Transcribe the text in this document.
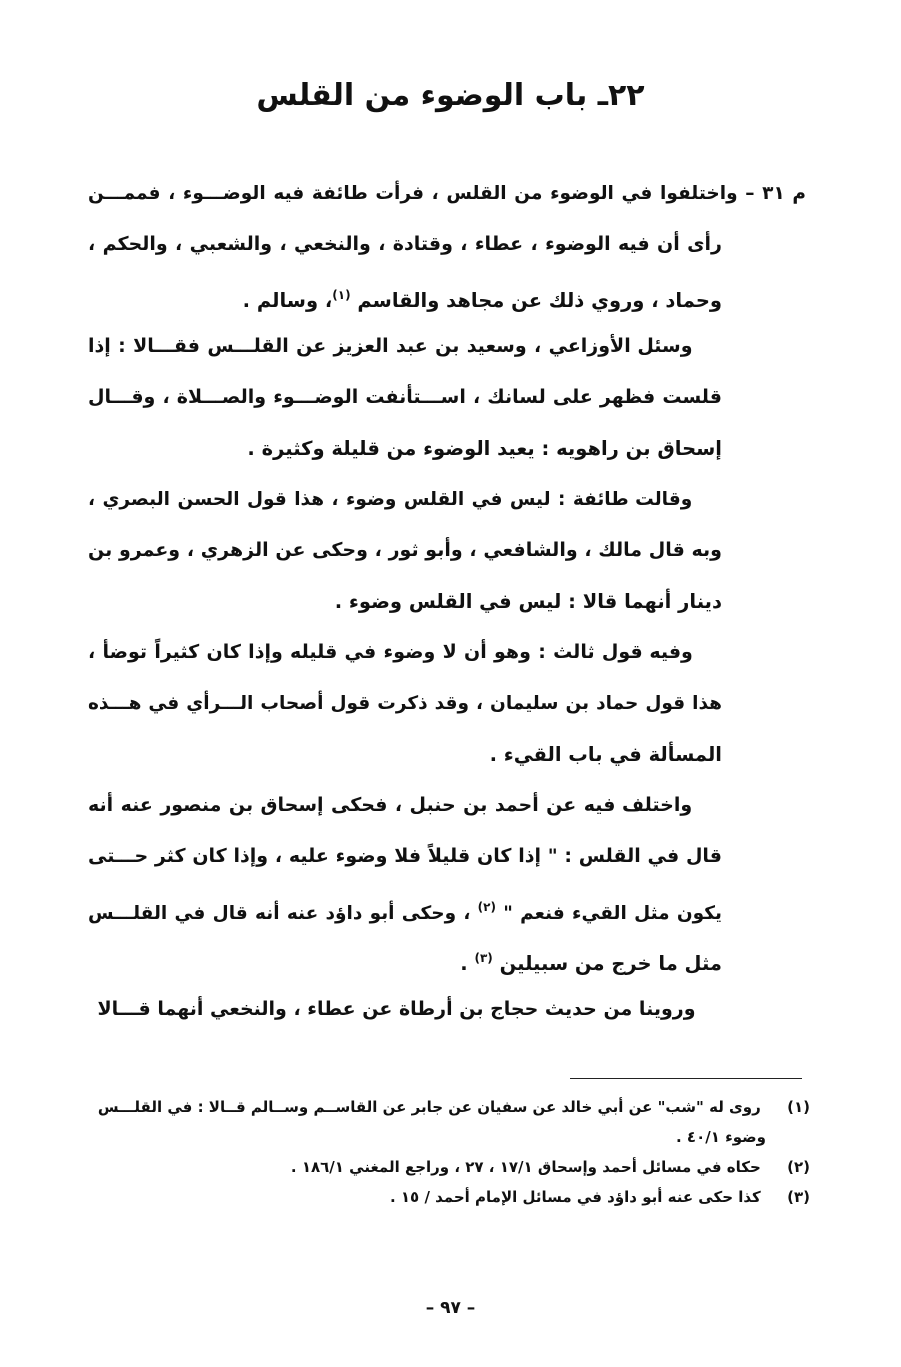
٢٢ـ باب الوضوء من القلس
م ٣١ – واختلفوا في الوضوء من القلس ، فرأت طائفة فيه الوضـــوء ، فممـــن
رأى أن فيه الوضوء ، عطاء ، وقتادة ، والنخعي ، والشعبي ، والحكم ،
وحماد ، وروي ذلك عن مجاهد والقاسم $^{(١)}$، وسالم .
​    وسئل الأوزاعي ، وسعيد بن عبد العزيز عن القلـــس فقـــالا : إذا
قلست فظهر على لسانك ، اســـتأنفت الوضـــوء والصـــلاة ، وقـــال
إسحاق بن راهويه : يعيد الوضوء من قليلة وكثيرة .
وقالت طائفة : ليس في القلس وضوء ، هذا قول الحسن البصري ،
وبه قال مالك ، والشافعي ، وأبو ثور ، وحكى عن الزهري ، وعمرو بن
دينار أنهما قالا : ليس في القلس وضوء .
وفيه قول ثالث : وهو أن لا وضوء في قليله وإذا كان كثيراً توضأ ،
هذا قول حماد بن سليمان ، وقد ذكرت قول أصحاب الـــرأي في هـــذه
المسألة في باب القيء .
واختلف فيه عن أحمد بن حنبل ، فحكى إسحاق بن منصور عنه أنه
قال في القلس : " إذا كان قليلاً فلا وضوء عليه ، وإذا كان كثر حـــتى
يكون مثل القيء فنعم " $^{(٢)}$ ، وحكى أبو داؤد عنه أنه قال في القلـــس
مثل ما خرج من سبيلين $^{(٣)}$ .
وروينا من حديث حجاج بن أرطاة عن عطاء ، والنخعي أنهما قـــالا
(١) روى له "شب" عن أبي خالد عن سفيان عن جابر عن القاســم وســالم قــالا : في القلـــس
وضوء ٤٠/١ .
(٢) حكاه في مسائل أحمد وإسحاق ١٧/١ ، ٢٧ ، وراجع المغني ١٨٦/١ .
(٣) كذا حكى عنه أبو داؤد في مسائل الإمام أحمد / ١٥ .
– ٩٧ –
